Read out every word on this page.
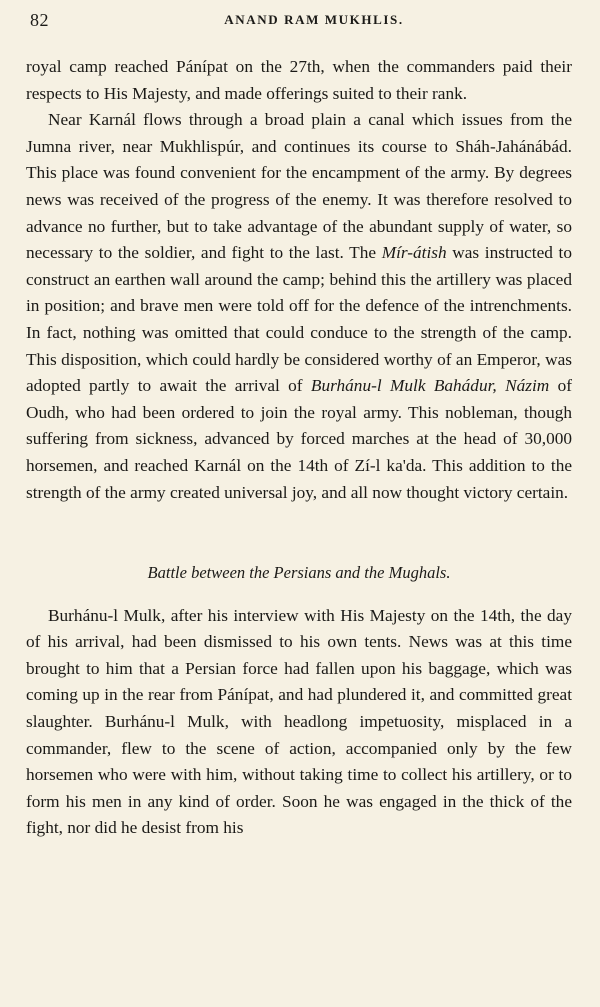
82	ANAND RAM MUKHLIS.

royal camp reached Pánípat on the 27th, when the commanders paid their respects to His Majesty, and made offerings suited to their rank.

Near Karnál flows through a broad plain a canal which issues from the Jumna river, near Mukhlispúr, and continues its course to Sháh-Jahánábád. This place was found convenient for the encampment of the army. By degrees news was received of the progress of the enemy. It was therefore resolved to advance no further, but to take advantage of the abundant supply of water, so necessary to the soldier, and fight to the last. The Mír-átish was instructed to construct an earthen wall around the camp; behind this the artillery was placed in position; and brave men were told off for the defence of the intrenchments. In fact, nothing was omitted that could conduce to the strength of the camp. This disposition, which could hardly be considered worthy of an Emperor, was adopted partly to await the arrival of Burhánu-l Mulk Bahádur, Názim of Oudh, who had been ordered to join the royal army. This nobleman, though suffering from sickness, advanced by forced marches at the head of 30,000 horsemen, and reached Karnál on the 14th of Zí-l ka'da. This addition to the strength of the army created universal joy, and all now thought victory certain.

Battle between the Persians and the Mughals.

Burhánu-l Mulk, after his interview with His Majesty on the 14th, the day of his arrival, had been dismissed to his own tents. News was at this time brought to him that a Persian force had fallen upon his baggage, which was coming up in the rear from Pánípat, and had plundered it, and committed great slaughter. Burhánu-l Mulk, with headlong impetuosity, misplaced in a commander, flew to the scene of action, accompanied only by the few horsemen who were with him, without taking time to collect his artillery, or to form his men in any kind of order. Soon he was engaged in the thick of the fight, nor did he desist from his
